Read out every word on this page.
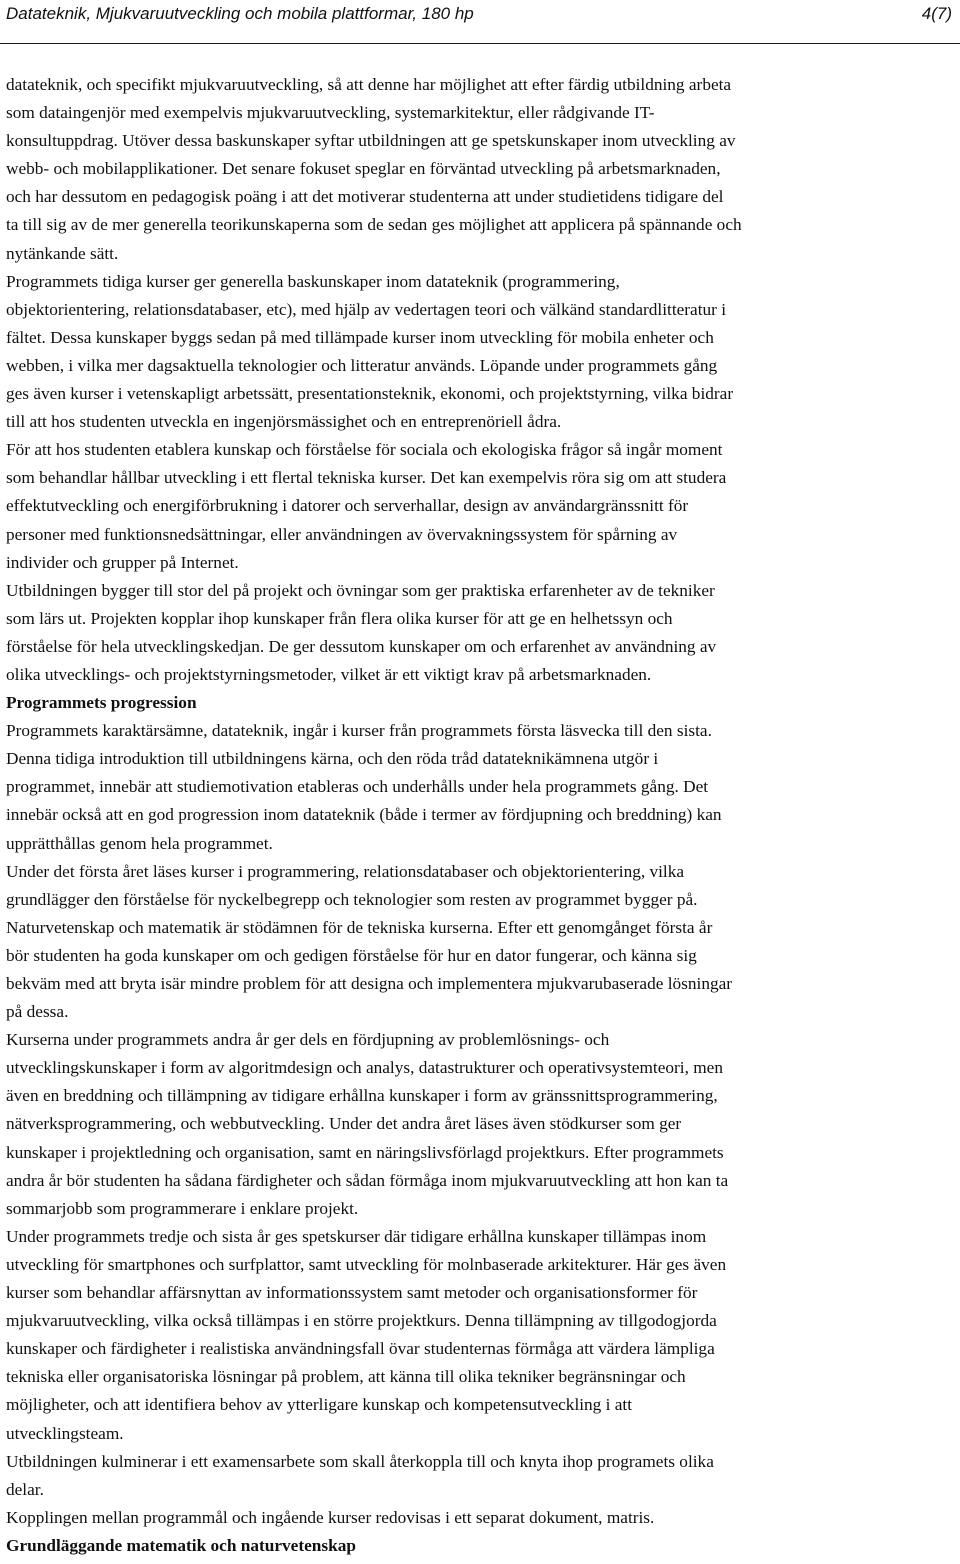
Datateknik, Mjukvaruutveckling och mobila plattformar, 180 hp	4(7)

datateknik, och specifikt mjukvaruutveckling, så att denne har möjlighet att efter färdig utbildning arbeta

som dataingenjör med exempelvis mjukvaruutveckling, systemarkitektur, eller rådgivande IT-

konsultuppdrag. Utöver dessa baskunskaper syftar utbildningen att ge spetskunskaper inom utveckling av

webb- och mobilapplikationer. Det senare fokuset speglar en förväntad utveckling på arbetsmarknaden,

och har dessutom en pedagogisk poäng i att det motiverar studenterna att under studietidens tidigare del

ta till sig av de mer generella teorikunskaperna som de sedan ges möjlighet att applicera på spännande och

nytänkande sätt.

Programmets tidiga kurser ger generella baskunskaper inom datateknik (programmering,

objektorientering, relationsdatabaser, etc), med hjälp av vedertagen teori och välkänd standardlitteratur i

fältet. Dessa kunskaper byggs sedan på med tillämpade kurser inom utveckling för mobila enheter och

webben, i vilka mer dagsaktuella teknologier och litteratur används. Löpande under programmets gång

ges även kurser i vetenskapligt arbetssätt, presentationsteknik, ekonomi, och projektstyrning, vilka bidrar

till att hos studenten utveckla en ingenjörsmässighet och en entreprenöriell ådra.

För att hos studenten etablera kunskap och förståelse för sociala och ekologiska frågor så ingår moment

som behandlar hållbar utveckling i ett flertal tekniska kurser. Det kan exempelvis röra sig om att studera

effektutveckling och energiförbrukning i datorer och serverhallar, design av användargränssnitt för

personer med funktionsnedsättningar, eller användningen av övervakningssystem för spårning av

individer och grupper på Internet.

Utbildningen bygger till stor del på projekt och övningar som ger praktiska erfarenheter av de tekniker

som lärs ut. Projekten kopplar ihop kunskaper från flera olika kurser för att ge en helhetssyn och

förståelse för hela utvecklingskedjan. De ger dessutom kunskaper om och erfarenhet av användning av

olika utvecklings- och projektstyrningsmetoder, vilket är ett viktigt krav på arbetsmarknaden.

Programmets progression

Programmets karaktärsämne, datateknik, ingår i kurser från programmets första läsvecka till den sista.

Denna tidiga introduktion till utbildningens kärna, och den röda tråd datateknikämnena utgör i

programmet, innebär att studiemotivation etableras och underhålls under hela programmets gång. Det

innebär också att en god progression inom datateknik (både i termer av fördjupning och breddning) kan

upprätthållas genom hela programmet.

Under det första året läses kurser i programmering, relationsdatabaser och objektorientering, vilka

grundlägger den förståelse för nyckelbegrepp och teknologier som resten av programmet bygger på.

Naturvetenskap och matematik är stödämnen för de tekniska kurserna. Efter ett genomgånget första år

bör studenten ha goda kunskaper om och gedigen förståelse för hur en dator fungerar, och känna sig

bekväm med att bryta isär mindre problem för att designa och implementera mjukvarubaserade lösningar

på dessa.

Kurserna under programmets andra år ger dels en fördjupning av problemlösnings- och

utvecklingskunskaper i form av algoritmdesign och analys, datastrukturer och operativsystemteori, men

även en breddning och tillämpning av tidigare erhållna kunskaper i form av gränssnittsprogrammering,

nätverksprogrammering, och webbutveckling. Under det andra året läses även stödkurser som ger

kunskaper i projektledning och organisation, samt en näringslivsförlagd projektkurs. Efter programmets

andra år bör studenten ha sådana färdigheter och sådan förmåga inom mjukvaruutveckling att hon kan ta

sommarjobb som programmerare i enklare projekt.

Under programmets tredje och sista år ges spetskurser där tidigare erhållna kunskaper tillämpas inom

utveckling för smartphones och surfplattor, samt utveckling för molnbaserade arkitekturer. Här ges även

kurser som behandlar affärsnyttan av informationssystem samt metoder och organisationsformer för

mjukvaruutveckling, vilka också tillämpas i en större projektkurs. Denna tillämpning av tillgodogjorda

kunskaper och färdigheter i realistiska användningsfall övar studenternas förmåga att värdera lämpliga

tekniska eller organisatoriska lösningar på problem, att känna till olika tekniker begränsningar och

möjligheter, och att identifiera behov av ytterligare kunskap och kompetensutveckling i att

utvecklingsteam.

Utbildningen kulminerar i ett examensarbete som skall återkoppla till och knyta ihop programets olika

delar.

Kopplingen mellan programmål och ingående kurser redovisas i ett separat dokument, matris.

Grundläggande matematik och naturvetenskap
